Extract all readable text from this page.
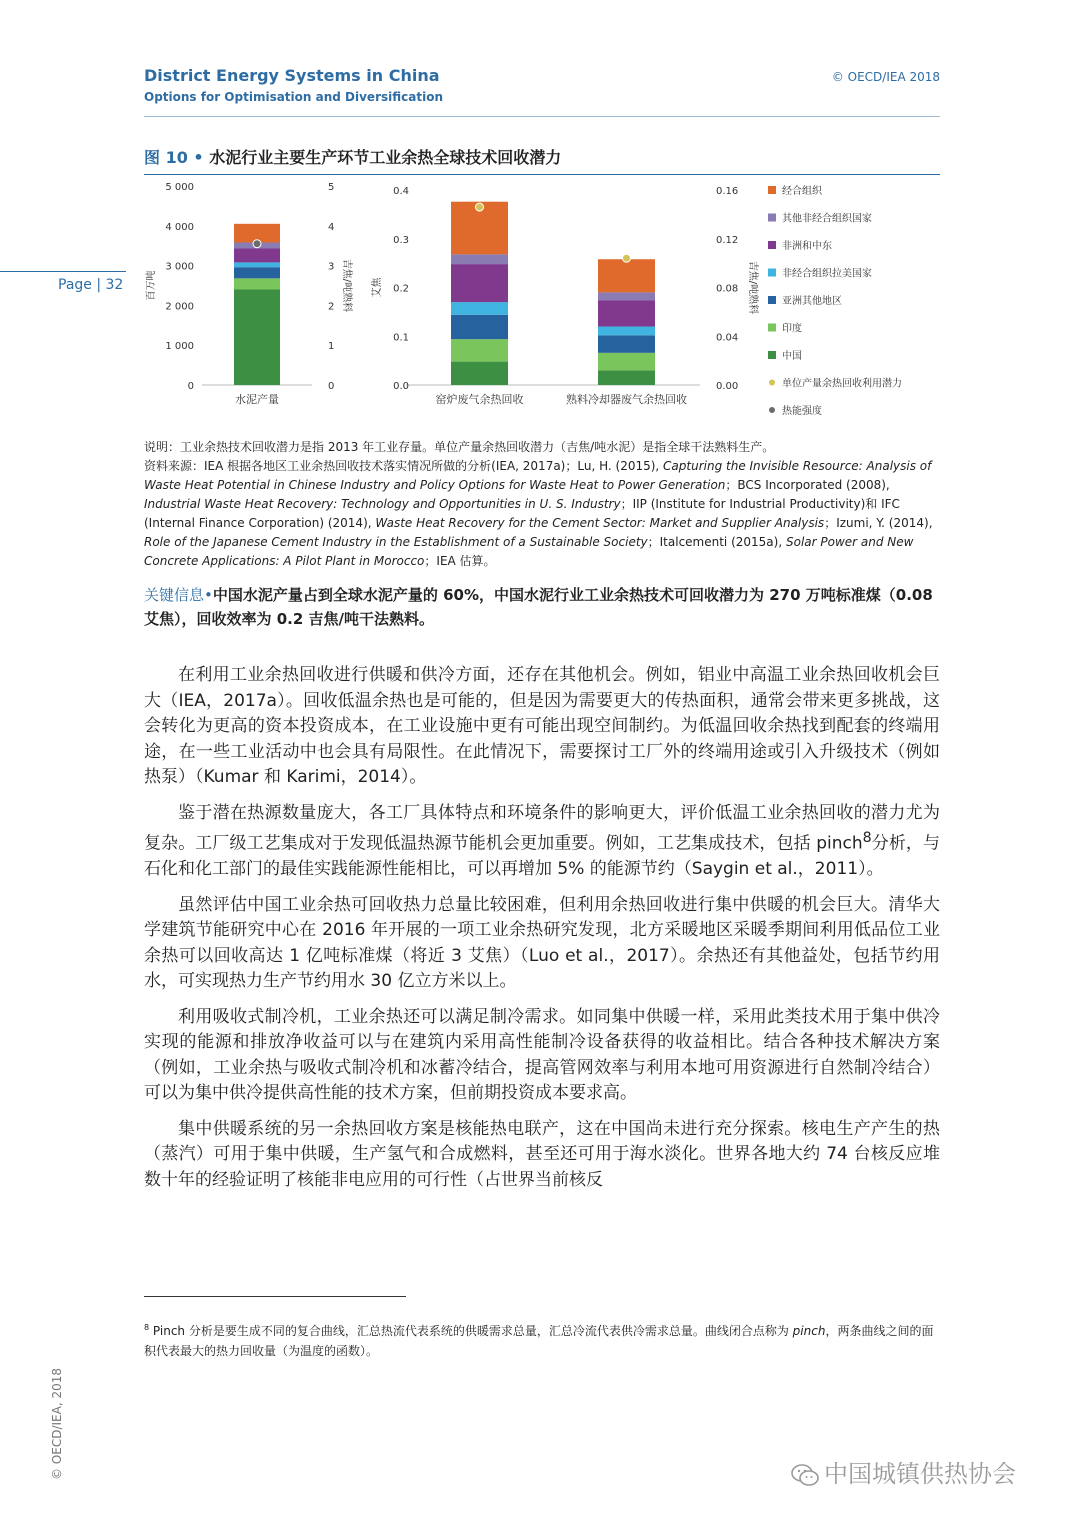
District Energy Systems in China
Options for Optimisation and Diversification
© OECD/IEA 2018
Page | 32
图 10 • 水泥行业主要生产环节工业余热全球技术回收潜力
0
1 000
2 000
3 000
4 000
5 000
0
1
2
3
4
5
百万吨	吉焦/吨熟料
水泥产量
0.0
0.1
0.2
0.3
0.4
0.00
0.04
0.08
0.12
0.16
艾焦	吉焦/吨熟料
窑炉废气余热回收	熟料冷却器废气余热回收
经合组织
其他非经合组织国家
非洲和中东
非经合组织拉美国家
亚洲其他地区
印度
中国
单位产量余热回收利用潜力
热能强度

说明：工业余热技术回收潜力是指 2013 年工业存量。单位产量余热回收潜力（吉焦/吨水泥）是指全球干法熟料生产。

资料来源：IEA 根据各地区工业余热回收技术落实情况所做的分析(IEA, 2017a)；Lu, H. (2015), Capturing the Invisible Resource: Analysis of Waste Heat Potential in Chinese Industry and Policy Options for Waste Heat to Power Generation；BCS Incorporated (2008), Industrial Waste Heat Recovery: Technology and Opportunities in U. S. Industry；IIP (Institute for Industrial Productivity)和 IFC (Internal Finance Corporation) (2014), Waste Heat Recovery for the Cement Sector: Market and Supplier Analysis；Izumi, Y. (2014), Role of the Japanese Cement Industry in the Establishment of a Sustainable Society；Italcementi (2015a), Solar Power and New Concrete Applications: A Pilot Plant in Morocco；IEA 估算。

关键信息•中国水泥产量占到全球水泥产量的 60%，中国水泥行业工业余热技术可回收潜力为 270 万吨标准煤（0.08 艾焦），回收效率为 0.2 吉焦/吨干法熟料。

在利用工业余热回收进行供暖和供冷方面，还存在其他机会。例如，铝业中高温工业余热回收机会巨大（IEA，2017a）。回收低温余热也是可能的，但是因为需要更大的传热面积，通常会带来更多挑战，这会转化为更高的资本投资成本，在工业设施中更有可能出现空间制约。为低温回收余热找到配套的终端用途，在一些工业活动中也会具有局限性。在此情况下，需要探讨工厂外的终端用途或引入升级技术（例如热泵）（Kumar 和 Karimi，2014）。

鉴于潜在热源数量庞大，各工厂具体特点和环境条件的影响更大，评价低温工业余热回收的潜力尤为复杂。工厂级工艺集成对于发现低温热源节能机会更加重要。例如，工艺集成技术，包括 pinch$^8$分析，与石化和化工部门的最佳实践能源性能相比，可以再增加 5% 的能源节约（Saygin et al.，2011）。

虽然评估中国工业余热可回收热力总量比较困难，但利用余热回收进行集中供暖的机会巨大。清华大学建筑节能研究中心在 2016 年开展的一项工业余热研究发现，北方采暖地区采暖季期间利用低品位工业余热可以回收高达 1 亿吨标准煤（将近 3 艾焦）（Luo et al.，2017）。余热还有其他益处，包括节约用水，可实现热力生产节约用水 30 亿立方米以上。

利用吸收式制冷机，工业余热还可以满足制冷需求。如同集中供暖一样，采用此类技术用于集中供冷实现的能源和排放净收益可以与在建筑内采用高性能制冷设备获得的收益相比。结合各种技术解决方案（例如，工业余热与吸收式制冷机和冰蓄冷结合，提高管网效率与利用本地可用资源进行自然制冷结合）可以为集中供冷提供高性能的技术方案，但前期投资成本要求高。

集中供暖系统的另一余热回收方案是核能热电联产，这在中国尚未进行充分探索。核电生产产生的热（蒸汽）可用于集中供暖，生产氢气和合成燃料，甚至还可用于海水淡化。世界各地大约 74 台核反应堆数十年的经验证明了核能非电应用的可行性（占世界当前核反

$^8$ Pinch 分析是要生成不同的复合曲线，汇总热流代表系统的供暖需求总量，汇总冷流代表供冷需求总量。曲线闭合点称为 pinch，两条曲线之间的面积代表最大的热力回收量（为温度的函数）。
© OECD/IEA, 2018	中国城镇供热协会
